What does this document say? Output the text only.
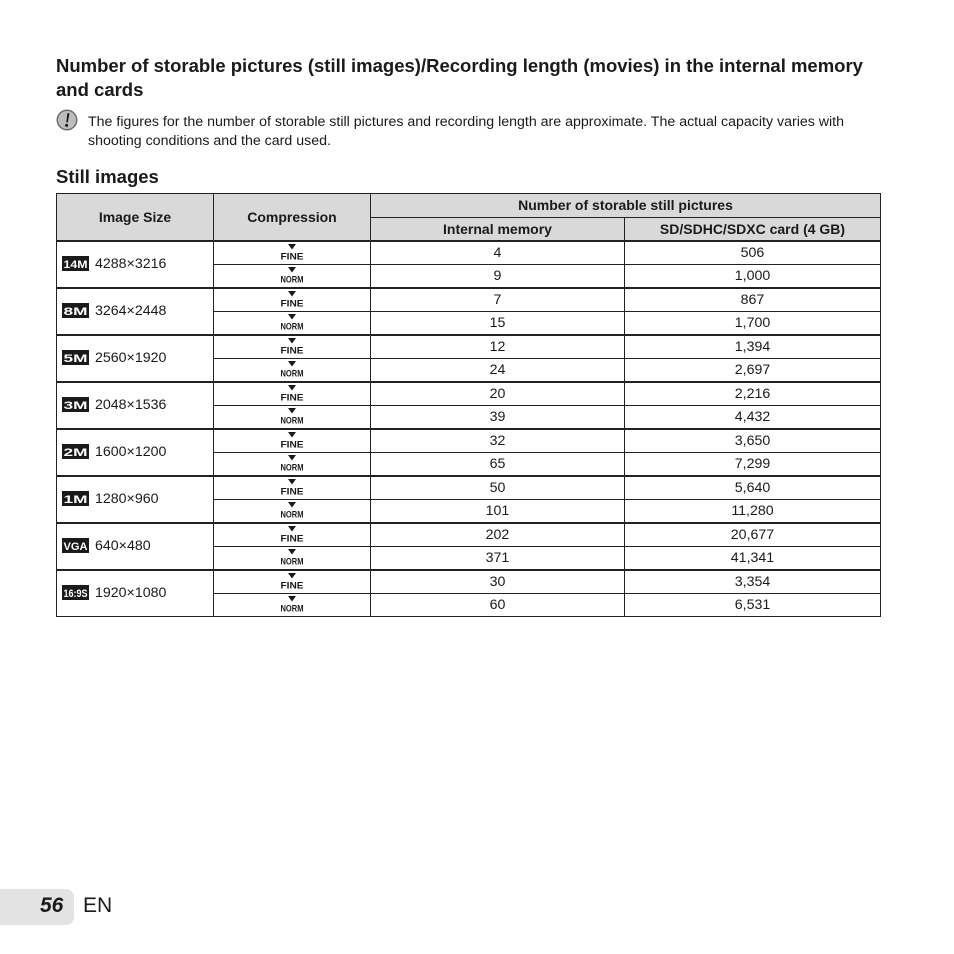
Number of storable pictures (still images)/Recording length (movies) in the internal memory and cards
The figures for the number of storable still pictures and recording length are approximate. The actual capacity varies with shooting conditions and the card used.
Still images
Image Size	Compression	Number of storable still pictures	
		Internal memory	SD/SDHC/SDXC card (4 GB)

14M 4288×3216	FINE	4	506

NORM	9	1,000

8M 3264×2448	FINE	7	867

NORM	15	1,700

5M 2560×1920	FINE	12	1,394

NORM	24	2,697

3M 2048×1536	FINE	20	2,216

NORM	39	4,432

2M 1600×1200	FINE	32	3,650

NORM	65	7,299

1M 1280×960	FINE	50	5,640

NORM	101	11,280

VGA 640×480	FINE	202	20,677

NORM	371	41,341

16:9S 1920×1080	FINE	30	3,354

NORM	60	6,531
56 EN
